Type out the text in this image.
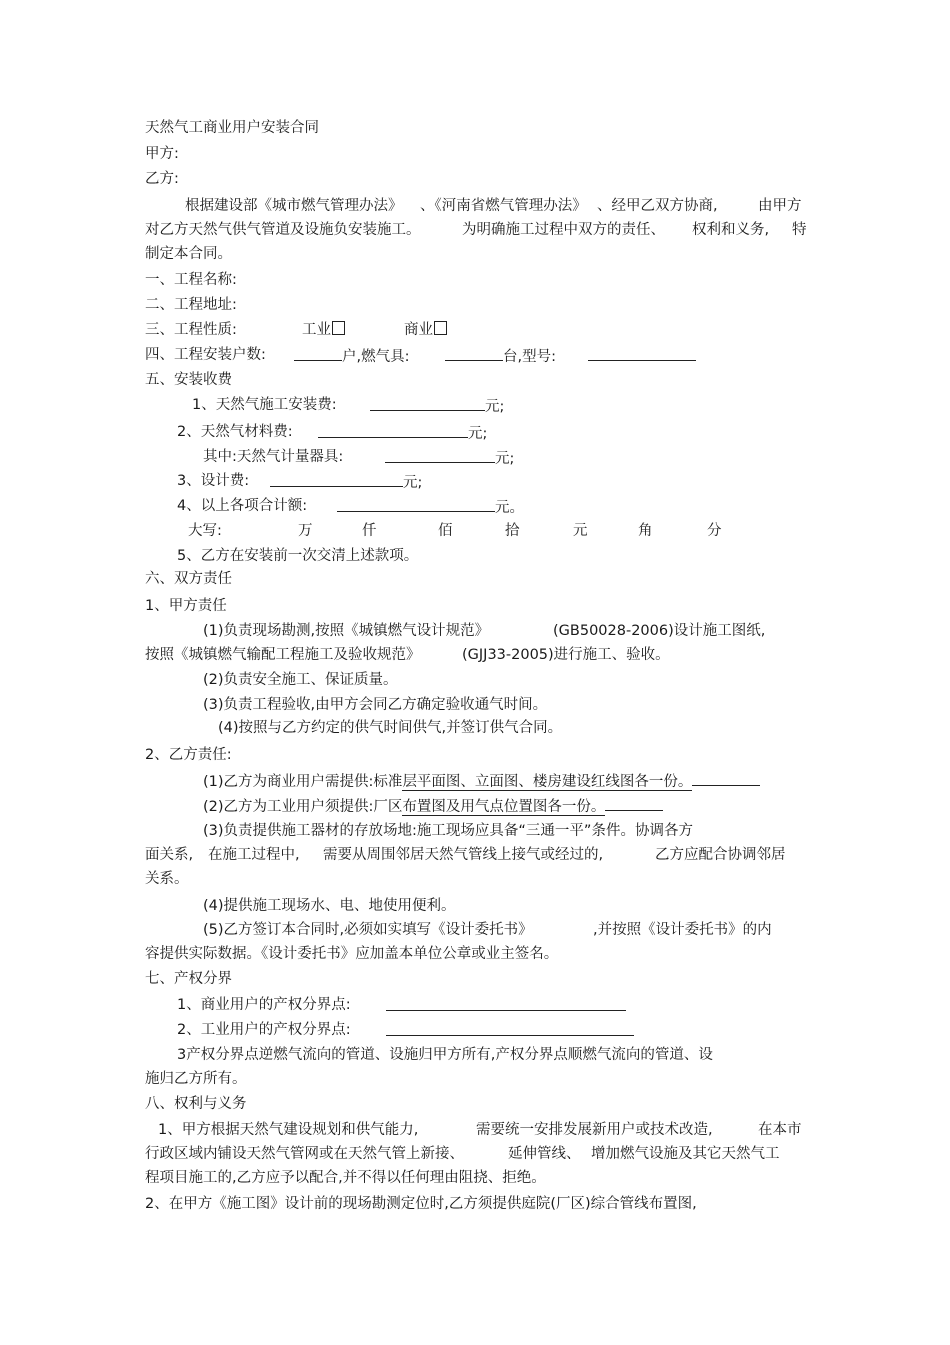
天然气工商业用户安装合同
甲方:
乙方:
根据建设部《城市燃气管理办法》 、《河南省燃气管理办法》 、经甲乙双方协商,	由甲方
对乙方天然气供气管道及设施负安装施工。	为明确施工过程中双方的责任、 权利和义务, 特
制定本合同。
一、工程名称:
二、工程地址:
三、工程性质:	工业	商业
四、工程安装户数:	户,燃气具:	台,型号:
五、安装收费
1、天然气施工安装费:	元;
2、天然气材料费:	元;
其中:天然气计量器具:	元;
3、设计费:	元;
4、以上各项合计额:	元。
大写:	万	仟	佰	拾	元	角	分
5、乙方在安装前一次交清上述款项。
六、双方责任
1、甲方责任
(1)负责现场勘测,按照《城镇燃气设计规范》	(GB50028-2006)设计施工图纸,
按照《城镇燃气输配工程施工及验收规范》	(GJJ33-2005)进行施工、验收。
(2)负责安全施工、保证质量。
(3)负责工程验收,由甲方会同乙方确定验收通气时间。
(4)按照与乙方约定的供气时间供气,并签订供气合同。
2、乙方责任:
(1)乙方为商业用户需提供:标准层平面图、立面图、楼房建设红线图各一份。
(2)乙方为工业用户须提供:厂区布置图及用气点位置图各一份。
(3)负责提供施工器材的存放场地:施工现场应具备“三通一平”条件。协调各方
面关系, 在施工过程中, 需要从周围邻居天然气管线上接气或经过的,	乙方应配合协调邻居
关系。
(4)提供施工现场水、电、地使用便利。
(5)乙方签订本合同时,必须如实填写《设计委托书》	,并按照《设计委托书》的内
容提供实际数据。《设计委托书》应加盖本单位公章或业主签名。
七、产权分界
1、商业用户的产权分界点:
2、工业用户的产权分界点:
3产权分界点逆燃气流向的管道、设施归甲方所有,产权分界点顺燃气流向的管道、设
施归乙方所有。
八、权利与义务
1、甲方根据天然气建设规划和供气能力,	需要统一安排发展新用户或技术改造,	在本市
行政区域内铺设天然气管网或在天然气管上新接、	延伸管线、 增加燃气设施及其它天然气工
程项目施工的,乙方应予以配合,并不得以任何理由阻挠、拒绝。
2、在甲方《施工图》设计前的现场勘测定位时,乙方须提供庭院(厂区)综合管线布置图,
